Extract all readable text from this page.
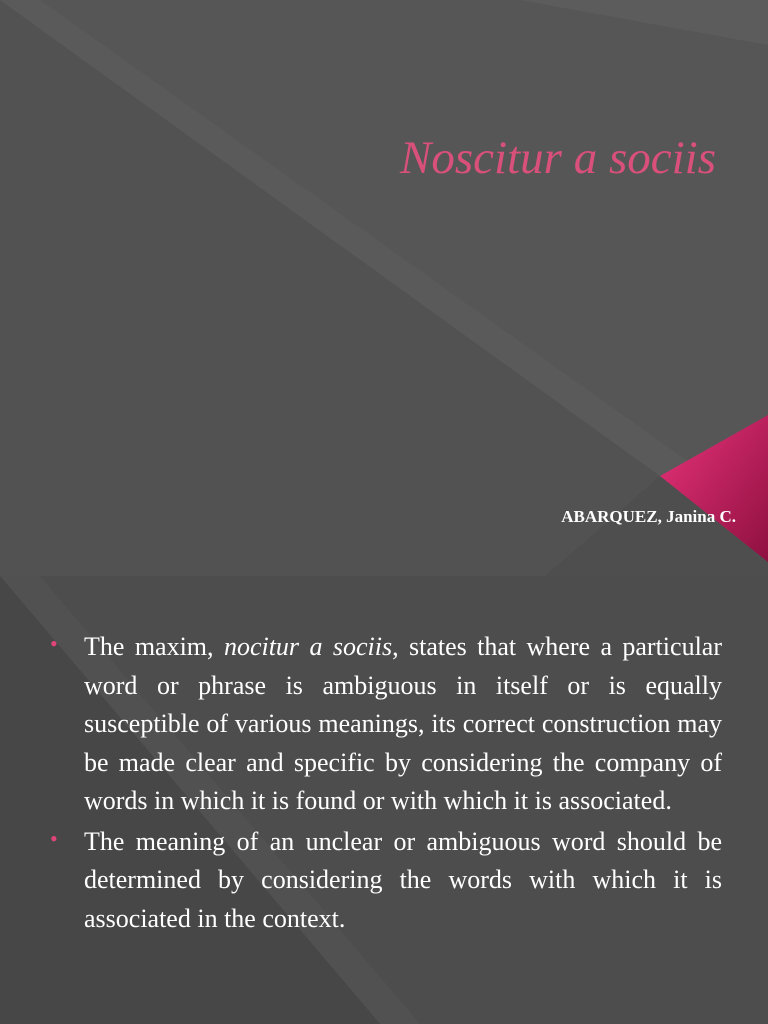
Noscitur a sociis
ABARQUEZ, Janina C.
• The maxim, nocitur a sociis, states that where a particular word or phrase is ambiguous in itself or is equally susceptible of various meanings, its correct construction may be made clear and specific by considering the company of words in which it is found or with which it is associated.
• The meaning of an unclear or ambiguous word should be determined by considering the words with which it is associated in the context.
